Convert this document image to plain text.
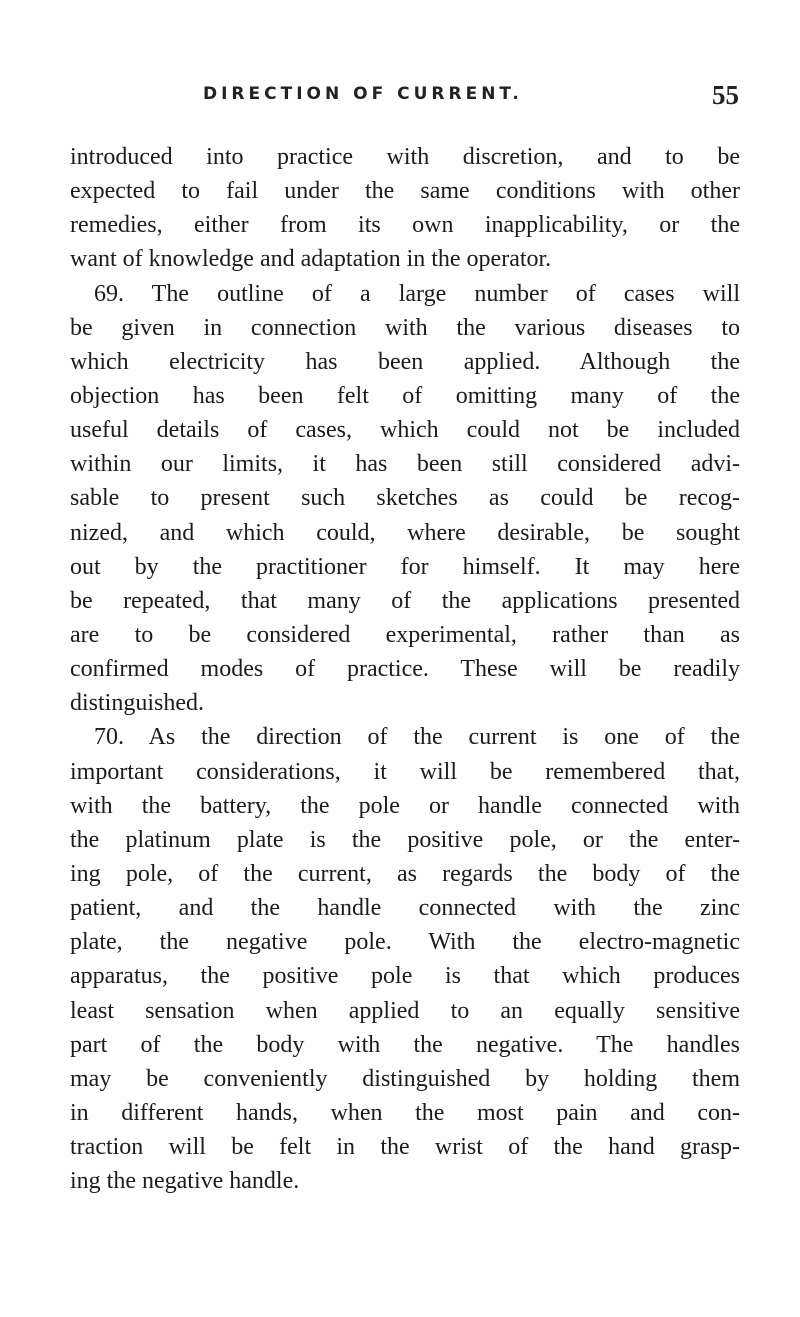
DIRECTION OF CURRENT.	55
introduced into practice with discretion, and to be
expected to fail under the same conditions with other
remedies, either from its own inapplicability, or the
want of knowledge and adaptation in the operator.
69. The outline of a large number of cases will
be given in connection with the various diseases to
which electricity has been applied. Although the
objection has been felt of omitting many of the
useful details of cases, which could not be included
within our limits, it has been still considered advi-
sable to present such sketches as could be recog-
nized, and which could, where desirable, be sought
out by the practitioner for himself. It may here
be repeated, that many of the applications presented
are to be considered experimental, rather than as
confirmed modes of practice. These will be readily
distinguished.
70. As the direction of the current is one of the
important considerations, it will be remembered that,
with the battery, the pole or handle connected with
the platinum plate is the positive pole, or the enter-
ing pole, of the current, as regards the body of the
patient, and the handle connected with the zinc
plate, the negative pole. With the electro-magnetic
apparatus, the positive pole is that which produces
least sensation when applied to an equally sensitive
part of the body with the negative. The handles
may be conveniently distinguished by holding them
in different hands, when the most pain and con-
traction will be felt in the wrist of the hand grasp-
ing the negative handle.
